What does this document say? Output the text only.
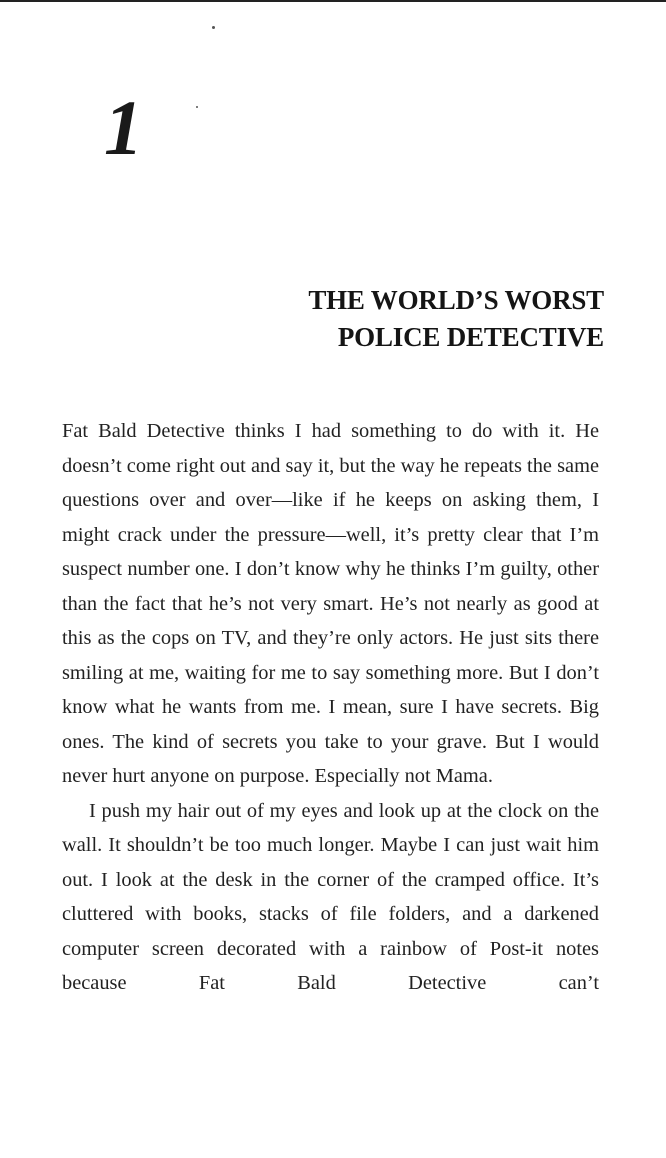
1
THE WORLD’S WORST
POLICE DETECTIVE

Fat Bald Detective thinks I had something to do with it. He doesn’t come right out and say it, but the way he repeats the same questions over and over—like if he keeps on asking them, I might crack under the pressure—well, it’s pretty clear that I’m suspect number one. I don’t know why he thinks I’m guilty, other than the fact that he’s not very smart. He’s not nearly as good at this as the cops on TV, and they’re only actors. He just sits there smiling at me, waiting for me to say something more. But I don’t know what he wants from me. I mean, sure I have secrets. Big ones. The kind of secrets you take to your grave. But I would never hurt anyone on purpose. Especially not Mama.

I push my hair out of my eyes and look up at the clock on the wall. It shouldn’t be too much longer. Maybe I can just wait him out. I look at the desk in the corner of the cramped office. It’s cluttered with books, stacks of file folders, and a darkened computer screen decorated with a rainbow of Post-it notes because Fat Bald Detective can’t
